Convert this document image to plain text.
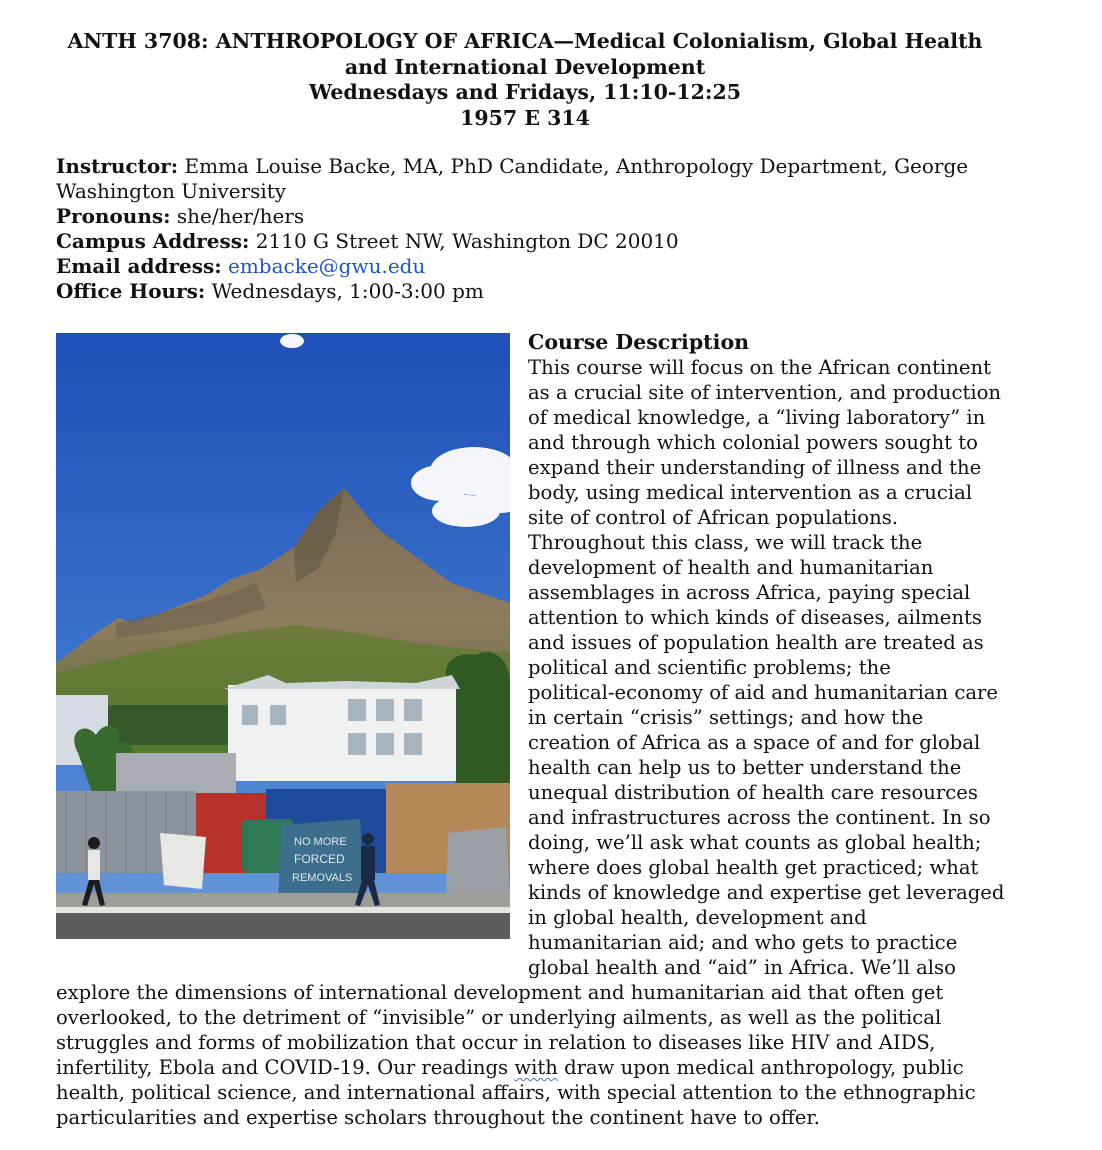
ANTH 3708: ANTHROPOLOGY OF AFRICA—Medical Colonialism, Global Health
and International Development
Wednesdays and Fridays, 11:10-12:25
1957 E 314
Instructor: Emma Louise Backe, MA, PhD Candidate, Anthropology Department, George
Washington University
Pronouns: she/her/hers
Campus Address: 2110 G Street NW, Washington DC 20010
Email address: embacke@gwu.edu
Office Hours: Wednesdays, 1:00-3:00 pm
NO MORE
FORCED
REMOVALS
Course Description
This course will focus on the African continent
as a crucial site of intervention, and production
of medical knowledge, a “living laboratory” in
and through which colonial powers sought to
expand their understanding of illness and the
body, using medical intervention as a crucial
site of control of African populations.
Throughout this class, we will track the
development of health and humanitarian
assemblages in across Africa, paying special
attention to which kinds of diseases, ailments
and issues of population health are treated as
political and scientific problems; the
political-economy of aid and humanitarian care
in certain “crisis” settings; and how the
creation of Africa as a space of and for global
health can help us to better understand the
unequal distribution of health care resources
and infrastructures across the continent. In so
doing, we’ll ask what counts as global health;
where does global health get practiced; what
kinds of knowledge and expertise get leveraged
in global health, development and
humanitarian aid; and who gets to practice
global health and “aid” in Africa. We’ll also
explore the dimensions of international development and humanitarian aid that often get
overlooked, to the detriment of “invisible” or underlying ailments, as well as the political
struggles and forms of mobilization that occur in relation to diseases like HIV and AIDS,
infertility, Ebola and COVID-19. Our readings with draw upon medical anthropology, public
health, political science, and international affairs, with special attention to the ethnographic
particularities and expertise scholars throughout the continent have to offer.
